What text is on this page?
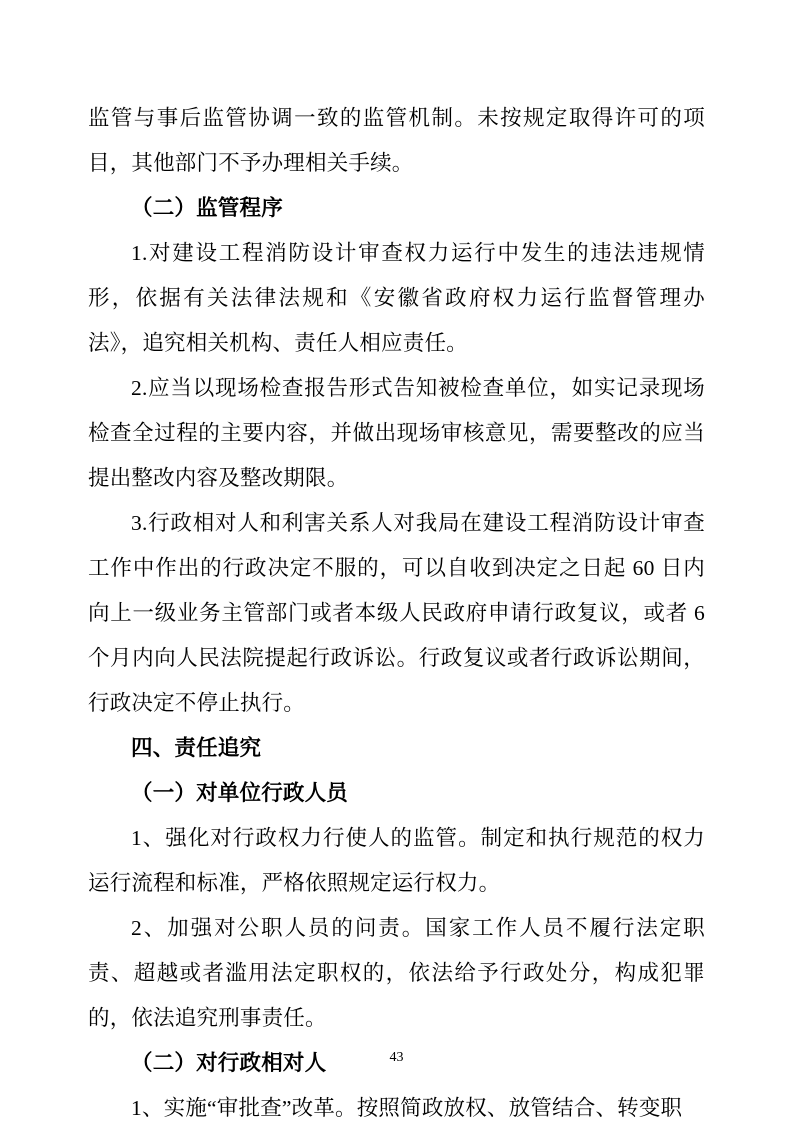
监管与事后监管协调一致的监管机制。未按规定取得许可的项目，其他部门不予办理相关手续。

（二）监管程序

1.对建设工程消防设计审查权力运行中发生的违法违规情形，依据有关法律法规和《安徽省政府权力运行监督管理办法》，追究相关机构、责任人相应责任。

2.应当以现场检查报告形式告知被检查单位，如实记录现场检查全过程的主要内容，并做出现场审核意见，需要整改的应当提出整改内容及整改期限。

3.行政相对人和利害关系人对我局在建设工程消防设计审查工作中作出的行政决定不服的，可以自收到决定之日起 60 日内向上一级业务主管部门或者本级人民政府申请行政复议，或者 6 个月内向人民法院提起行政诉讼。行政复议或者行政诉讼期间，行政决定不停止执行。

四、责任追究

（一）对单位行政人员

1、强化对行政权力行使人的监管。制定和执行规范的权力运行流程和标准，严格依照规定运行权力。

2、加强对公职人员的问责。国家工作人员不履行法定职责、超越或者滥用法定职权的，依法给予行政处分，构成犯罪的，依法追究刑事责任。

（二）对行政相对人

1、实施“审批查”改革。按照简政放权、放管结合、转变职

43
